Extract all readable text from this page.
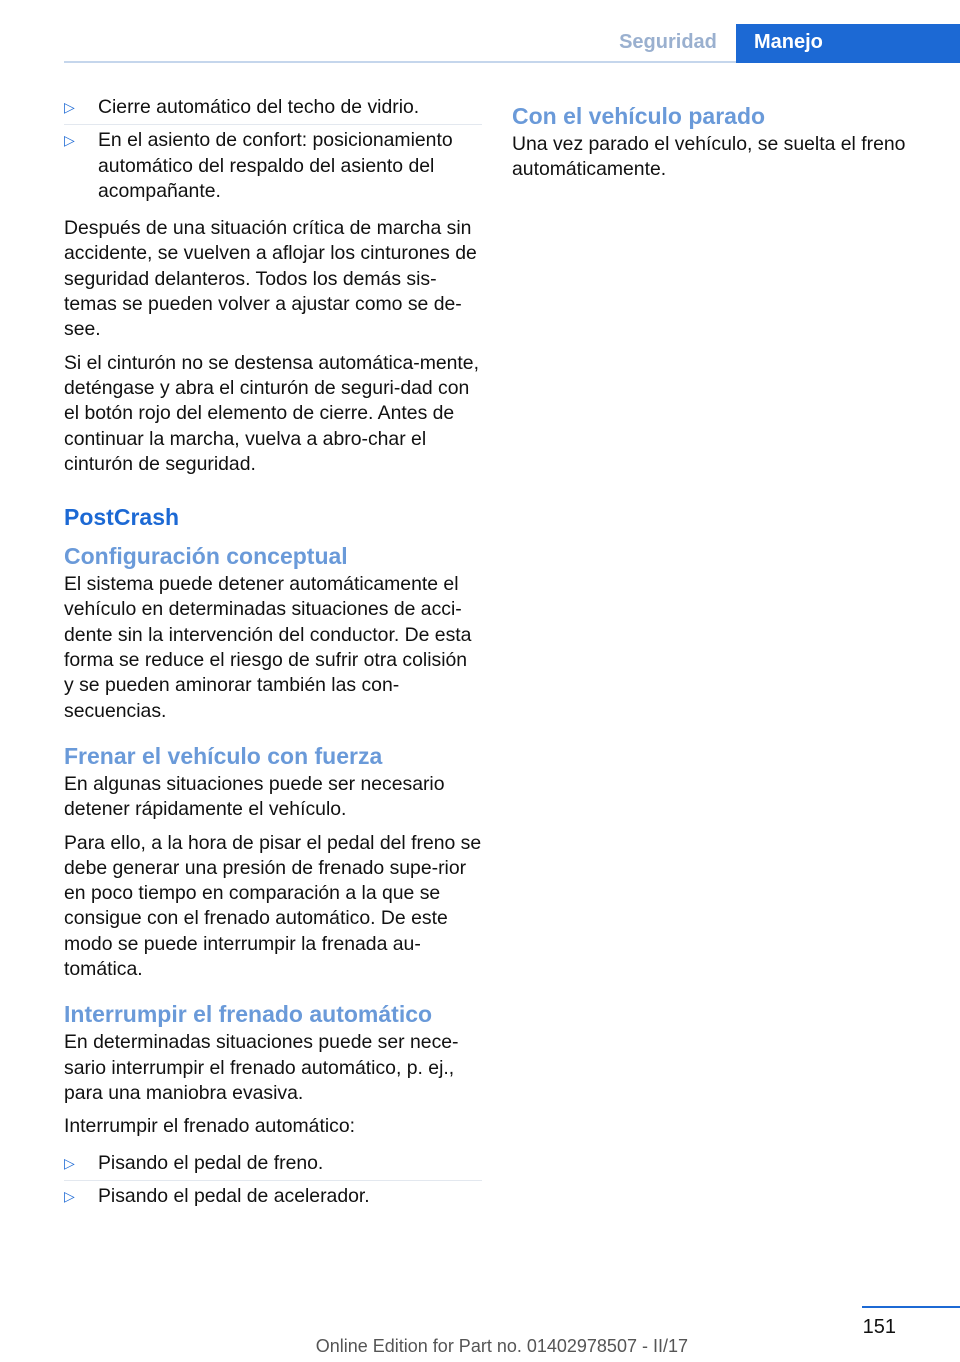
Seguridad	Manejo
▷ Cierre automático del techo de vidrio.
▷ En el asiento de confort: posicionamiento automático del respaldo del asiento del acompañante.

Después de una situación crítica de marcha sin accidente, se vuelven a aflojar los cinturones de seguridad delanteros. Todos los demás sis‐temas se pueden volver a ajustar como se de‐see.

Si el cinturón no se destensa automática‐mente, deténgase y abra el cinturón de seguri‐dad con el botón rojo del elemento de cierre. Antes de continuar la marcha, vuelva a abro‐char el cinturón de seguridad.

PostCrash
Configuración conceptual

El sistema puede detener automáticamente el vehículo en determinadas situaciones de acci‐dente sin la intervención del conductor. De esta forma se reduce el riesgo de sufrir otra colisión y se pueden aminorar también las con‐secuencias.

Frenar el vehículo con fuerza

En algunas situaciones puede ser necesario detener rápidamente el vehículo.

Para ello, a la hora de pisar el pedal del freno se debe generar una presión de frenado supe‐rior en poco tiempo en comparación a la que se consigue con el frenado automático. De este modo se puede interrumpir la frenada au‐tomática.

Interrumpir el frenado automático

En determinadas situaciones puede ser nece‐sario interrumpir el frenado automático, p. ej., para una maniobra evasiva.

Interrumpir el frenado automático:

▷ Pisando el pedal de freno.
▷ Pisando el pedal de acelerador.
Con el vehículo parado

Una vez parado el vehículo, se suelta el freno automáticamente.

151
Online Edition for Part no. 01402978507 - II/17
